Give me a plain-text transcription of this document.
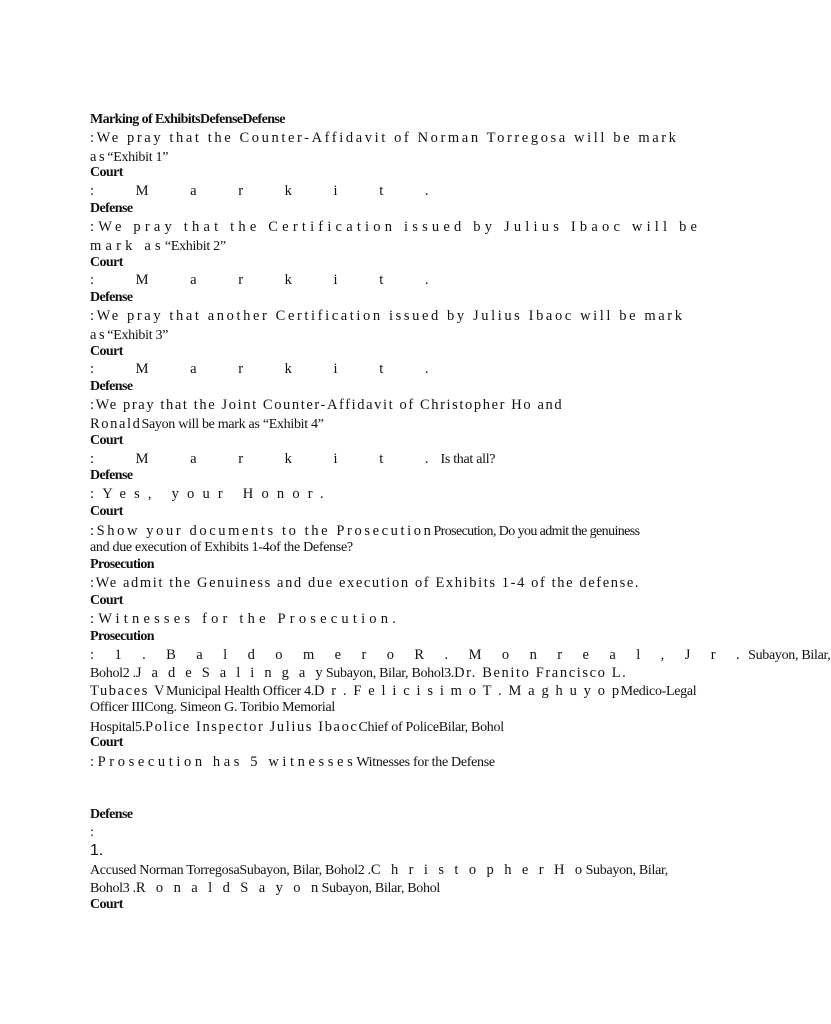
Marking of ExhibitsDefenseDefense
:We pray that the Counter-Affidavit of Norman Torregosa will be mark
as“Exhibit 1”
Court
: M a r k i t .
Defense
:We pray that the Certification issued by Julius Ibaoc will be
mark as“Exhibit 2”
Court
: M a r k i t .
Defense
:We pray that another Certification issued by Julius Ibaoc will be mark
as“Exhibit 3”
Court
: M a r k i t .
Defense
:We pray that the Joint Counter-Affidavit of Christopher Ho and
RonaldSayon will be mark as “Exhibit 4”
Court
: M a r k i t .Is that all?
Defense
:Yes, your Honor.
Court
:Show your documents to the ProsecutionProsecution, Do you admit the genuiness
and due execution of Exhibits 1-4of the Defense?
Prosecution
:We admit the Genuiness and due execution of Exhibits 1-4 of the defense.
Court
:Witnesses for the Prosecution.
Prosecution
: 1 . B a l d o m e r o R . M o n r e a l , J r .Subayon, Bilar,
Bohol2 .J a d e S a l i n g a ySubayon, Bilar, Bohol3.Dr. Benito Francisco L.
Tubaces VMunicipal Health Officer 4.D r . F e l i c i s i m o T . M a g h u y o pMedico-Legal
Officer IIICong. Simeon G. Toribio Memorial
Hospital5.Police Inspector Julius IbaocChief of PoliceBilar, Bohol
Court
:Prosecution has 5 witnessesWitnesses for the Defense
Defense
:
1.
Accused Norman TorregosaSubayon, Bilar, Bohol2 .C h r i s t o p h e r H oSubayon, Bilar,
Bohol3 .R o n a l d S a y o nSubayon, Bilar, Bohol
Court
